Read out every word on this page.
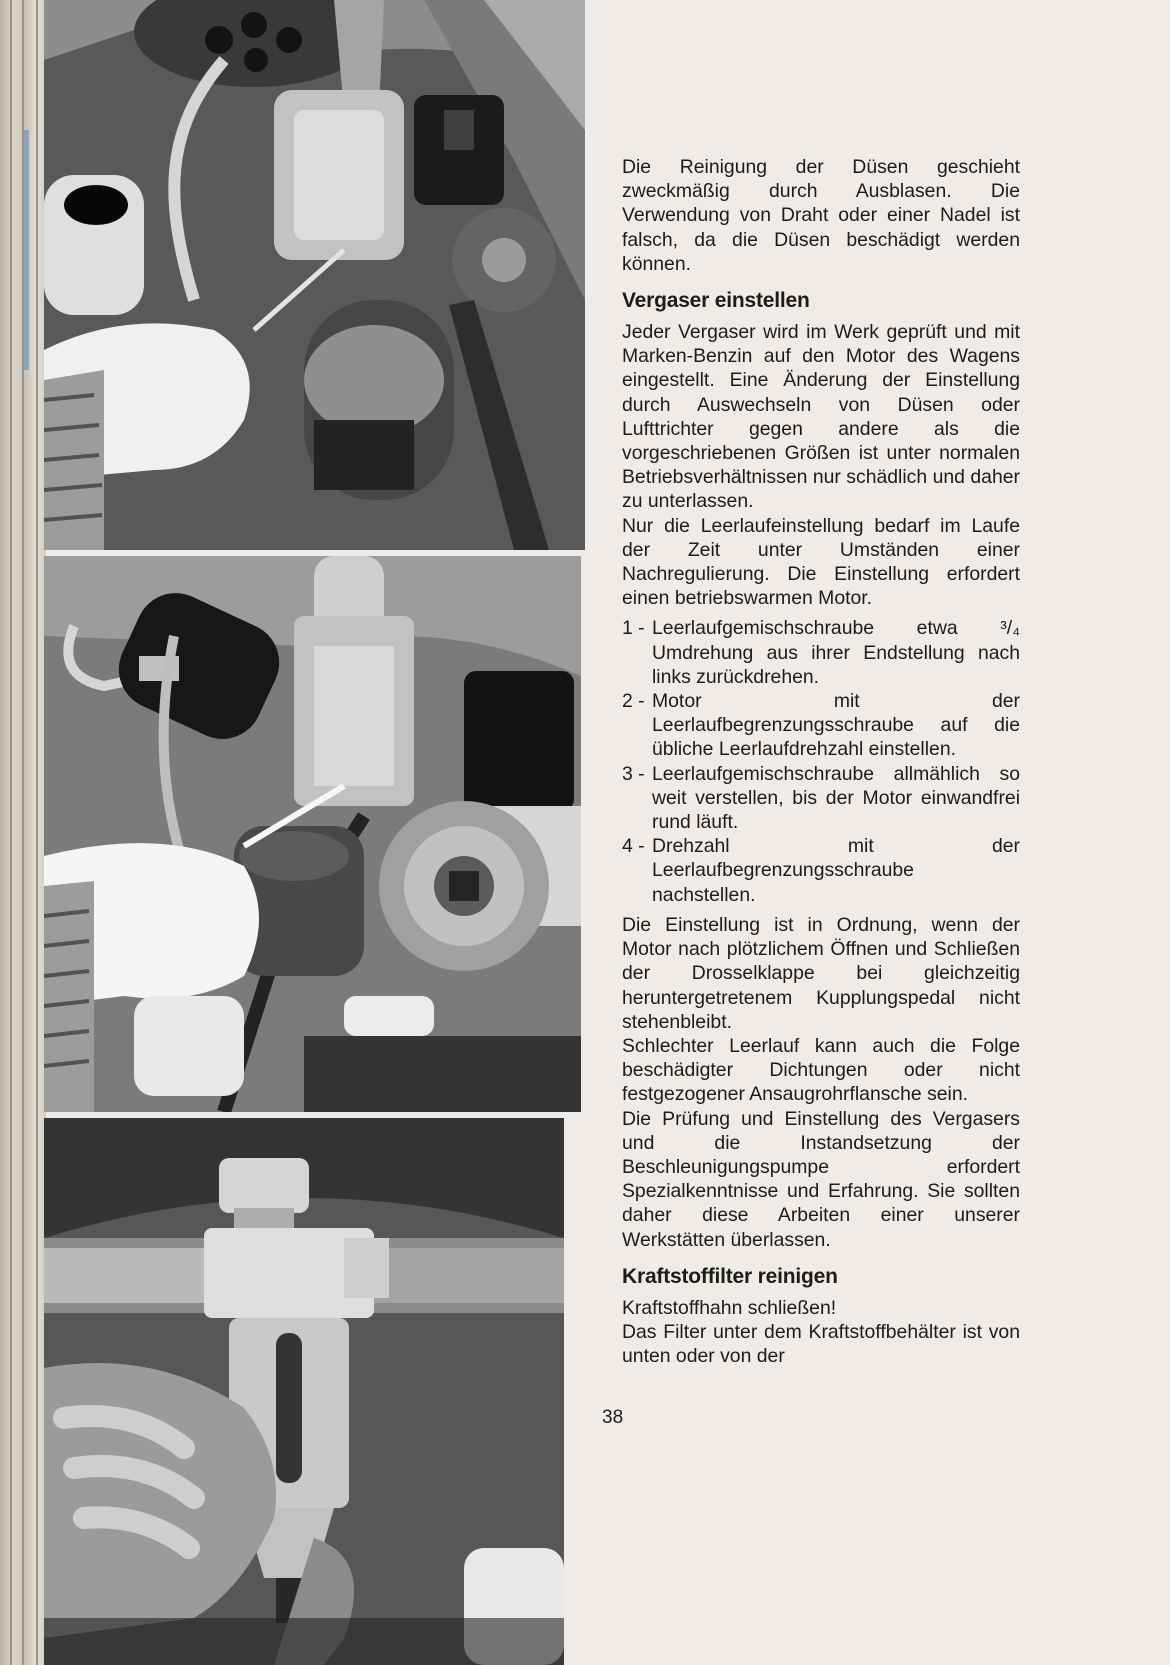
Die Reinigung der Düsen geschieht zweckmäßig durch Ausblasen. Die Verwendung von Draht oder einer Nadel ist falsch, da die Düsen beschädigt werden können.

Vergaser einstellen

Jeder Vergaser wird im Werk geprüft und mit Marken-Benzin auf den Motor des Wagens eingestellt. Eine Änderung der Einstellung durch Auswechseln von Düsen oder Lufttrichter gegen andere als die vorgeschriebenen Größen ist unter normalen Betriebsverhältnissen nur schädlich und daher zu unterlassen.

Nur die Leerlaufeinstellung bedarf im Laufe der Zeit unter Umständen einer Nachregulierung. Die Einstellung erfordert einen betriebswarmen Motor.

1 - Leerlaufgemischschraube etwa ³/₄ Umdrehung aus ihrer Endstellung nach links zurückdrehen.
2 - Motor mit der Leerlaufbegrenzungsschraube auf die übliche Leerlaufdrehzahl einstellen.
3 - Leerlaufgemischschraube allmählich so weit verstellen, bis der Motor einwandfrei rund läuft.
4 - Drehzahl mit der Leerlaufbegrenzungsschraube nachstellen.

Die Einstellung ist in Ordnung, wenn der Motor nach plötzlichem Öffnen und Schließen der Drosselklappe bei gleichzeitig heruntergetretenem Kupplungspedal nicht stehenbleibt.

Schlechter Leerlauf kann auch die Folge beschädigter Dichtungen oder nicht festgezogener Ansaugrohrflansche sein.

Die Prüfung und Einstellung des Vergasers und die Instandsetzung der Beschleunigungspumpe erfordert Spezialkenntnisse und Erfahrung. Sie sollten daher diese Arbeiten einer unserer Werkstätten überlassen.

Kraftstoffilter reinigen

Kraftstoffhahn schließen!

Das Filter unter dem Kraftstoffbehälter ist von unten oder von der

38
